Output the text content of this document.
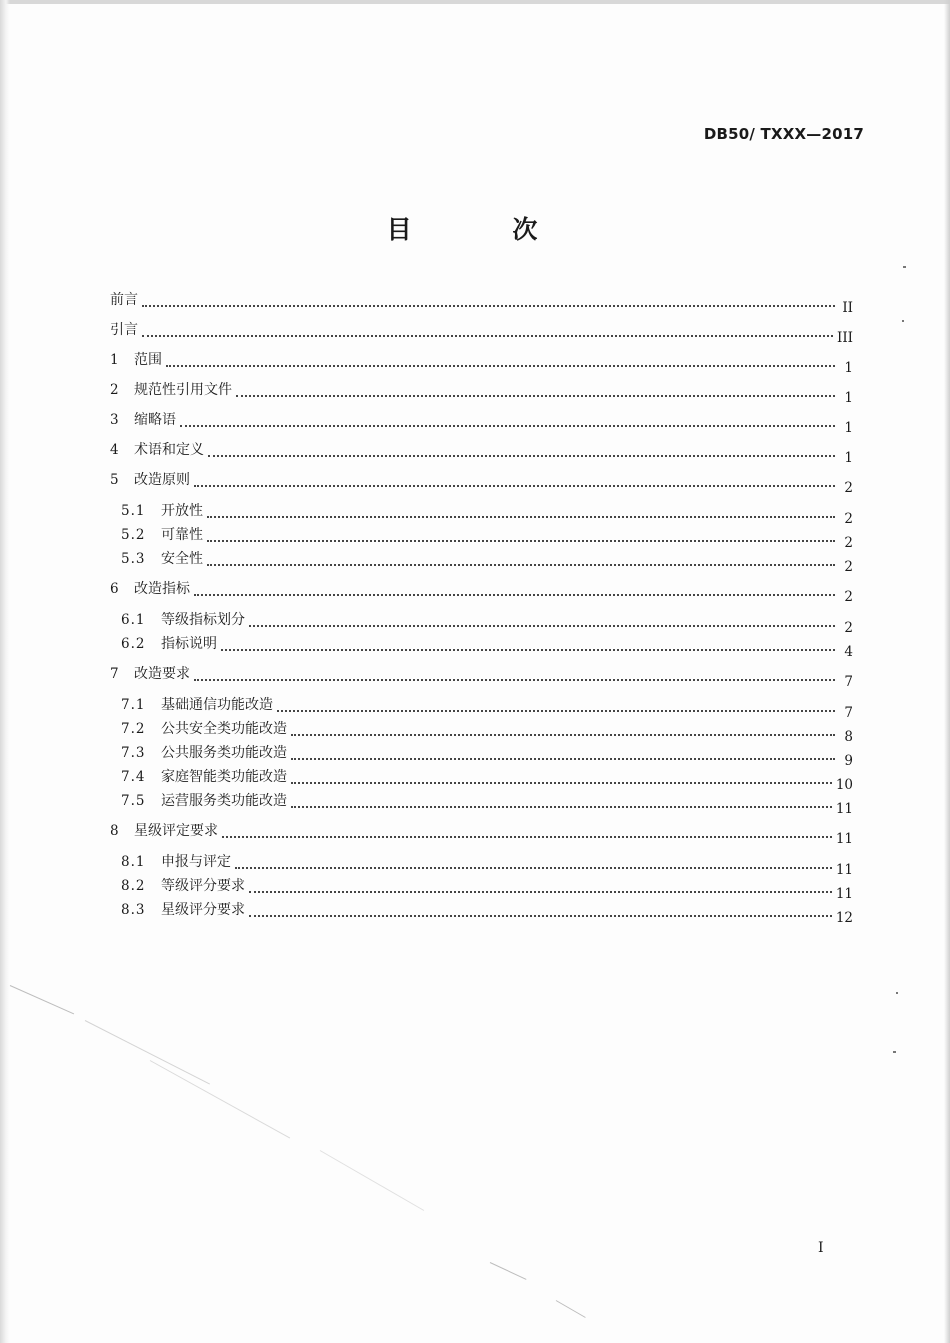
DB50/ TXXX—2017
目 次
前言	II
引言	III
1	范围	1
2	规范性引用文件	1
3	缩略语	1
4	术语和定义	1
5	改造原则	2
5.1	开放性	2
5.2	可靠性	2
5.3	安全性	2
6	改造指标	2
6.1	等级指标划分	2
6.2	指标说明	4
7	改造要求	7
7.1	基础通信功能改造	7
7.2	公共安全类功能改造	8
7.3	公共服务类功能改造	9
7.4	家庭智能类功能改造	10
7.5	运营服务类功能改造	11
8	星级评定要求	11
8.1	申报与评定	11
8.2	等级评分要求	11
8.3	星级评分要求	12
I
